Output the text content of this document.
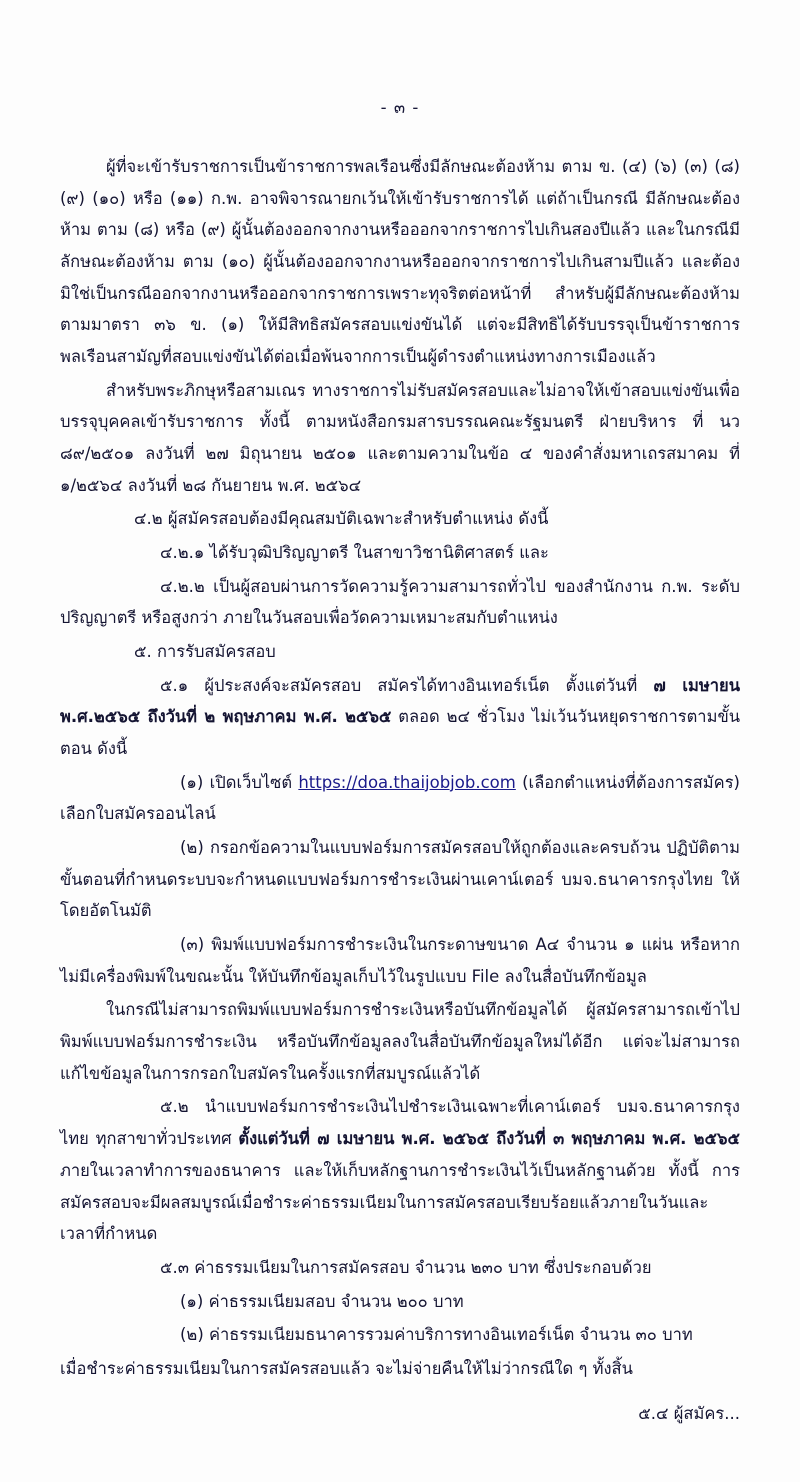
- ๓ -

ผู้ที่จะเข้ารับราชการเป็นข้าราชการพลเรือนซึ่งมีลักษณะต้องห้าม ตาม ข. (๔) (๖) (๓) (๘) (๙) (๑๐) หรือ (๑๑) ก.พ. อาจพิจารณายกเว้นให้เข้ารับราชการได้ แต่ถ้าเป็นกรณี มีลักษณะต้องห้าม ตาม (๘) หรือ (๙) ผู้นั้นต้องออกจากงานหรือออกจากราชการไปเกินสองปีแล้ว และในกรณีมีลักษณะต้องห้าม ตาม (๑๐) ผู้นั้นต้องออกจากงานหรือออกจากราชการไปเกินสามปีแล้ว และต้องมิใช่เป็นกรณีออกจากงานหรือออกจากราชการเพราะทุจริตต่อหน้าที่ สำหรับผู้มีลักษณะต้องห้ามตามมาตรา ๓๖ ข. (๑) ให้มีสิทธิสมัครสอบแข่งขันได้ แต่จะมีสิทธิได้รับบรรจุเป็นข้าราชการพลเรือนสามัญที่สอบแข่งขันได้ต่อเมื่อพ้นจากการเป็นผู้ดำรงตำแหน่งทางการเมืองแล้ว

สำหรับพระภิกษุหรือสามเณร ทางราชการไม่รับสมัครสอบและไม่อาจให้เข้าสอบแข่งขันเพื่อบรรจุบุคคลเข้ารับราชการ ทั้งนี้ ตามหนังสือกรมสารบรรณคณะรัฐมนตรี ฝ่ายบริหาร ที่ นว ๘๙/๒๕๐๑ ลงวันที่ ๒๗ มิถุนายน ๒๕๐๑ และตามความในข้อ ๔ ของคำสั่งมหาเถรสมาคม ที่ ๑/๒๕๖๔ ลงวันที่ ๒๘ กันยายน พ.ศ. ๒๕๖๔

๔.๒ ผู้สมัครสอบต้องมีคุณสมบัติเฉพาะสำหรับตำแหน่ง ดังนี้

๔.๒.๑ ได้รับวุฒิปริญญาตรี ในสาขาวิชานิติศาสตร์ และ

๔.๒.๒ เป็นผู้สอบผ่านการวัดความรู้ความสามารถทั่วไป ของสำนักงาน ก.พ. ระดับปริญญาตรี หรือสูงกว่า ภายในวันสอบเพื่อวัดความเหมาะสมกับตำแหน่ง

๕. การรับสมัครสอบ

๕.๑ ผู้ประสงค์จะสมัครสอบ สมัครได้ทางอินเทอร์เน็ต ตั้งแต่วันที่ ๗ เมษายน พ.ศ.๒๕๖๕ ถึงวันที่ ๒ พฤษภาคม พ.ศ. ๒๕๖๕ ตลอด ๒๔ ชั่วโมง ไม่เว้นวันหยุดราชการตามขั้นตอน ดังนี้

(๑) เปิดเว็บไซต์ https://doa.thaijobjob.com (เลือกตำแหน่งที่ต้องการสมัคร) เลือกใบสมัครออนไลน์

(๒) กรอกข้อความในแบบฟอร์มการสมัครสอบให้ถูกต้องและครบถ้วน ปฏิบัติตามขั้นตอนที่กำหนดระบบจะกำหนดแบบฟอร์มการชำระเงินผ่านเคาน์เตอร์ บมจ.ธนาคารกรุงไทย ให้โดยอัตโนมัติ

(๓) พิมพ์แบบฟอร์มการชำระเงินในกระดาษขนาด A๔ จำนวน ๑ แผ่น หรือหากไม่มีเครื่องพิมพ์ในขณะนั้น ให้บันทึกข้อมูลเก็บไว้ในรูปแบบ File ลงในสื่อบันทึกข้อมูล

ในกรณีไม่สามารถพิมพ์แบบฟอร์มการชำระเงินหรือบันทึกข้อมูลได้ ผู้สมัครสามารถเข้าไปพิมพ์แบบฟอร์มการชำระเงิน หรือบันทึกข้อมูลลงในสื่อบันทึกข้อมูลใหม่ได้อีก แต่จะไม่สามารถแก้ไขข้อมูลในการกรอกใบสมัครในครั้งแรกที่สมบูรณ์แล้วได้

๕.๒ นำแบบฟอร์มการชำระเงินไปชำระเงินเฉพาะที่เคาน์เตอร์ บมจ.ธนาคารกรุงไทย ทุกสาขาทั่วประเทศ ตั้งแต่วันที่ ๗ เมษายน พ.ศ. ๒๕๖๕ ถึงวันที่ ๓ พฤษภาคม พ.ศ. ๒๕๖๕ ภายในเวลาทำการของธนาคาร และให้เก็บหลักฐานการชำระเงินไว้เป็นหลักฐานด้วย ทั้งนี้ การสมัครสอบจะมีผลสมบูรณ์เมื่อชำระค่าธรรมเนียมในการสมัครสอบเรียบร้อยแล้วภายในวันและเวลาที่กำหนด

๕.๓ ค่าธรรมเนียมในการสมัครสอบ จำนวน ๒๓๐ บาท ซึ่งประกอบด้วย

(๑) ค่าธรรมเนียมสอบ จำนวน ๒๐๐ บาท

(๒) ค่าธรรมเนียมธนาคารรวมค่าบริการทางอินเทอร์เน็ต จำนวน ๓๐ บาท

เมื่อชำระค่าธรรมเนียมในการสมัครสอบแล้ว จะไม่จ่ายคืนให้ไม่ว่ากรณีใด ๆ ทั้งสิ้น

๕.๔ ผู้สมัคร...
